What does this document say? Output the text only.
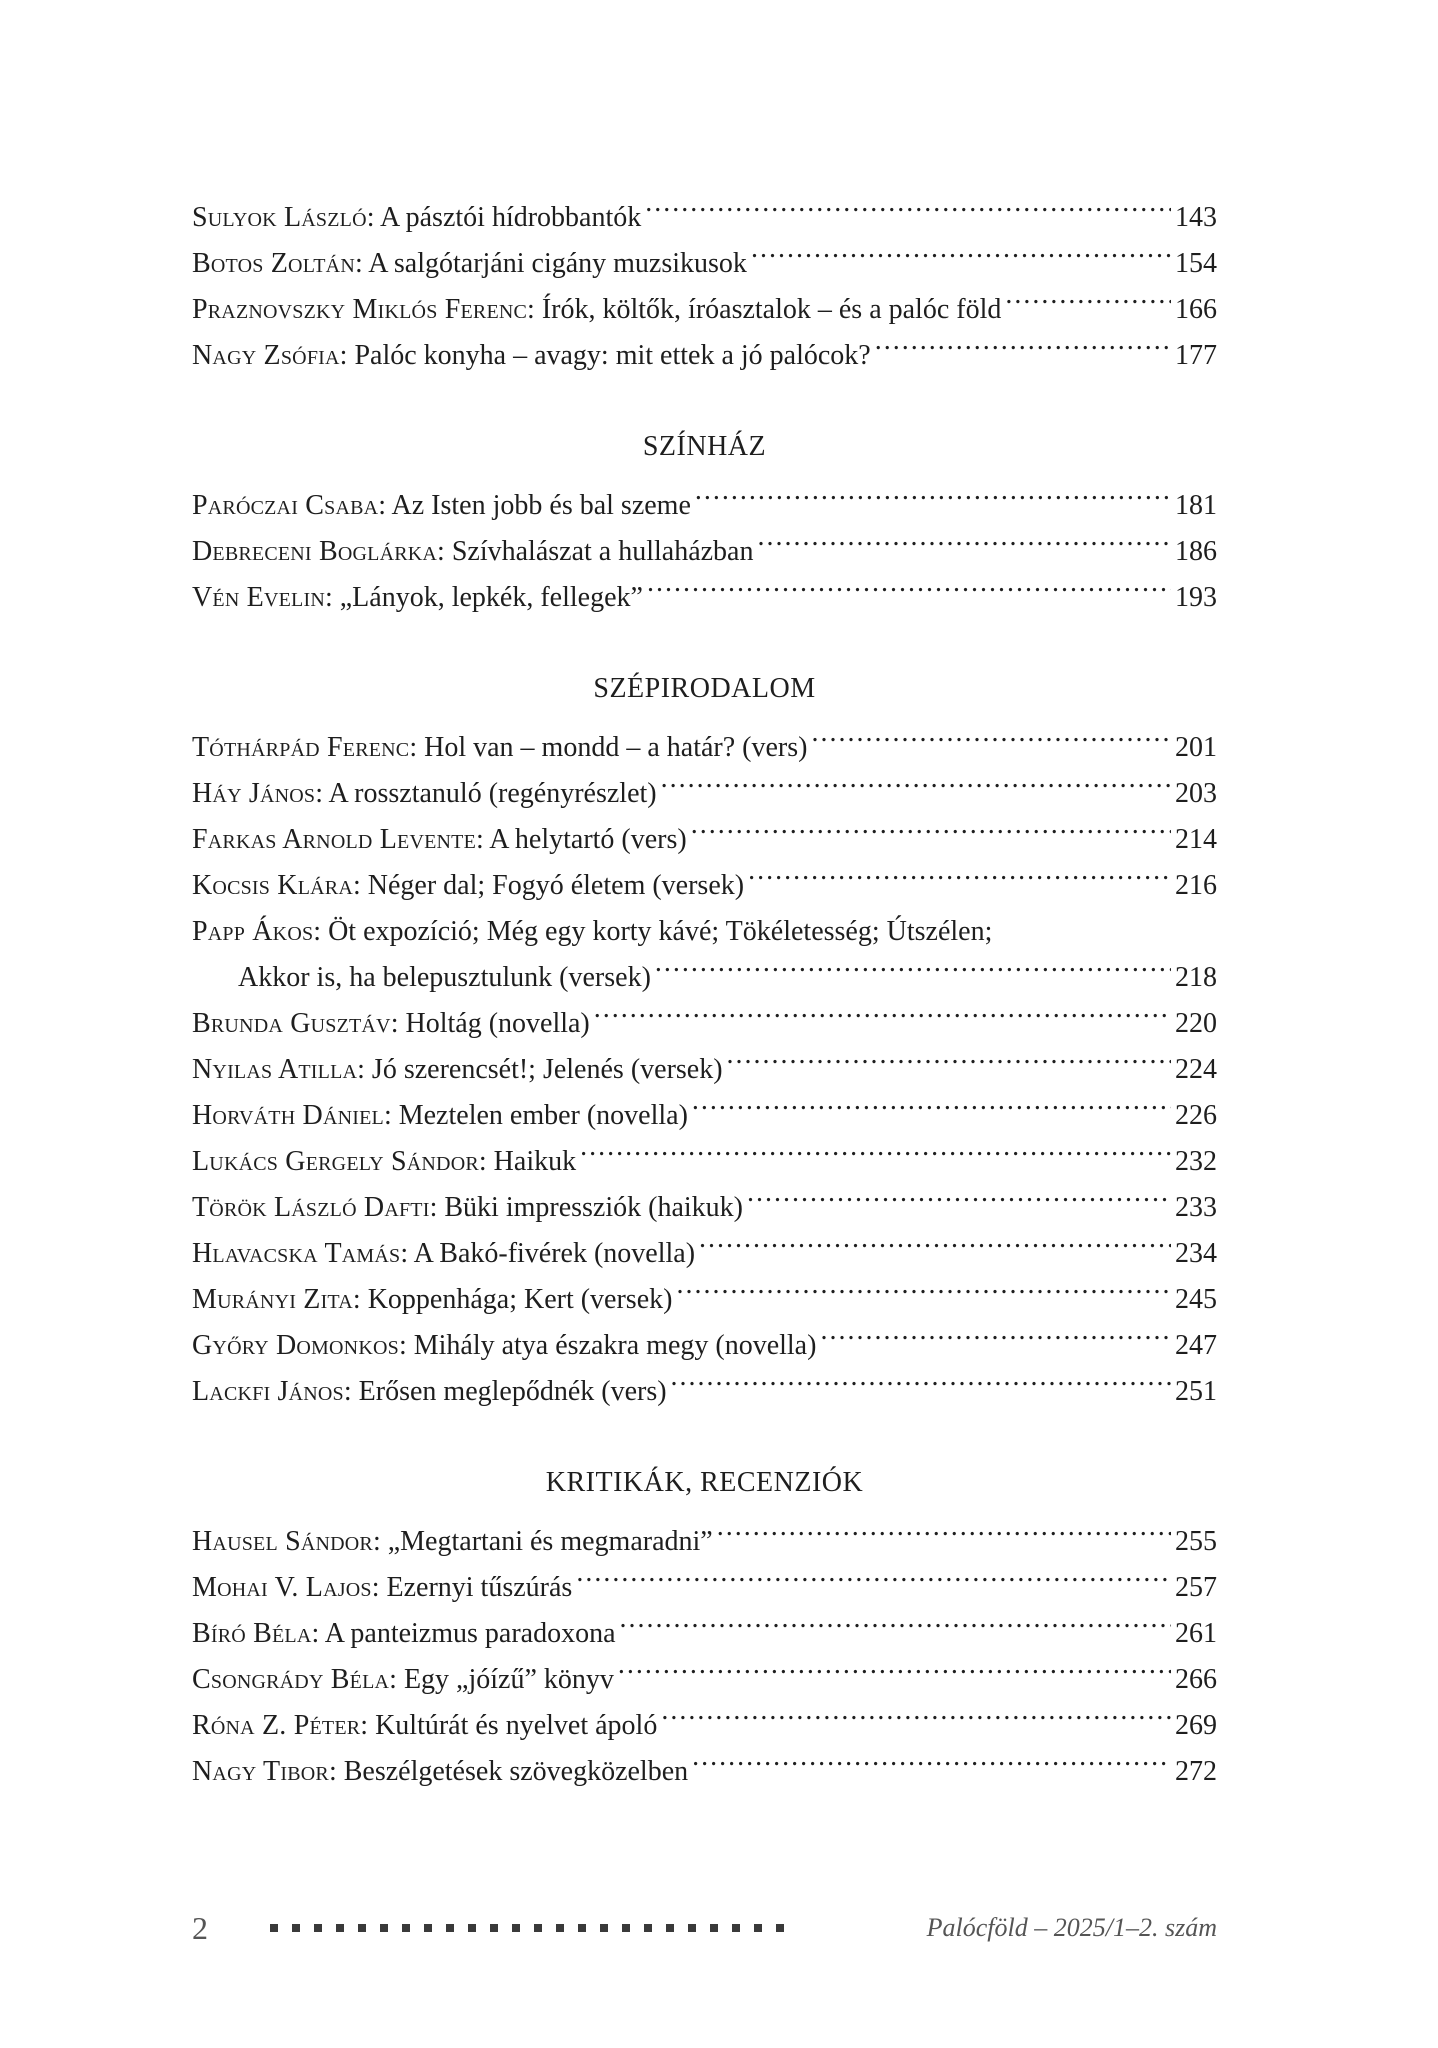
Sulyok László: A pásztói hídrobbantók .....	143
Botos Zoltán: A salgótarjáni cigány muzsikusok .....	154
Praznovszky Miklós Ferenc: Írók, költők, íróasztalok – és a palóc föld .....	166
Nagy Zsófia: Palóc konyha – avagy: mit ettek a jó palócok? .....	177
SZÍNHÁZ
Paróczai Csaba: Az Isten jobb és bal szeme .....	181
Debreceni Boglárka: Szívhalászat a hullaházban .....	186
Vén Evelin: „Lányok, lepkék, fellegek” .....	193
SZÉPIRODALOM
Tóthárpád Ferenc: Hol van – mondd – a határ? (vers) .....	201
Háy János: A rossztanuló (regényrészlet) .....	203
Farkas Arnold Levente: A helytartó (vers) .....	214
Kocsis Klára: Néger dal; Fogyó életem (versek) .....	216
Papp Ákos: Öt expozíció; Még egy korty kávé; Tökéletesség; Útszélen;
Akkor is, ha belepusztulunk (versek) .....	218
Brunda Gusztáv: Holtág (novella) .....	220
Nyilas Atilla: Jó szerencsét!; Jelenés (versek) .....	224
Horváth Dániel: Meztelen ember (novella) .....	226
Lukács Gergely Sándor: Haikuk .....	232
Török László Dafti: Büki impressziók (haikuk) .....	233
Hlavacska Tamás: A Bakó-fivérek (novella) .....	234
Murányi Zita: Koppenhága; Kert (versek) .....	245
Győry Domonkos: Mihály atya északra megy (novella) .....	247
Lackfi János: Erősen meglepődnék (vers) .....	251
KRITIKÁK, RECENZIÓK
Hausel Sándor: „Megtartani és megmaradni” .....	255
Mohai V. Lajos: Ezernyi tűszúrás .....	257
Bíró Béla: A panteizmus paradoxona .....	261
Csongrády Béla: Egy „jóízű” könyv .....	266
Róna Z. Péter: Kultúrát és nyelvet ápoló .....	269
Nagy Tibor: Beszélgetések szövegközelben .....	272
2	Palócföld – 2025/1–2. szám
